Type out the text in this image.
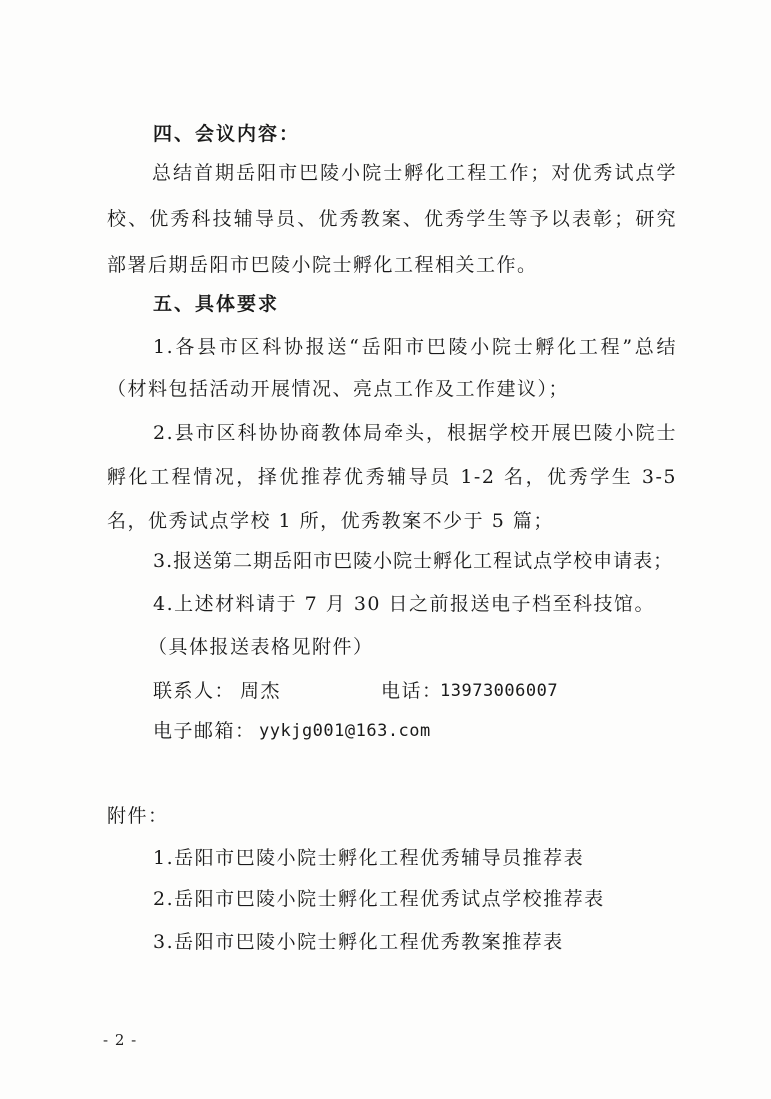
四、会议内容：
总结首期岳阳市巴陵小院士孵化工程工作；对优秀试点学
校、优秀科技辅导员、优秀教案、优秀学生等予以表彰；研究
部署后期岳阳市巴陵小院士孵化工程相关工作。
五、具体要求
1.各县市区科协报送“岳阳市巴陵小院士孵化工程”总结
（材料包括活动开展情况、亮点工作及工作建议）；
2.县市区科协协商教体局牵头，根据学校开展巴陵小院士
孵化工程情况，择优推荐优秀辅导员 1-2 名，优秀学生 3-5
名，优秀试点学校 1 所，优秀教案不少于 5 篇；
3.报送第二期岳阳市巴陵小院士孵化工程试点学校申请表；
4.上述材料请于 7 月 30 日之前报送电子档至科技馆。
（具体报送表格见附件）
联系人： 周杰	电话：
13973006007
电子邮箱： yykjg001@163.com
附件：
1.岳阳市巴陵小院士孵化工程优秀辅导员推荐表
2.岳阳市巴陵小院士孵化工程优秀试点学校推荐表
3.岳阳市巴陵小院士孵化工程优秀教案推荐表
- 2 -
